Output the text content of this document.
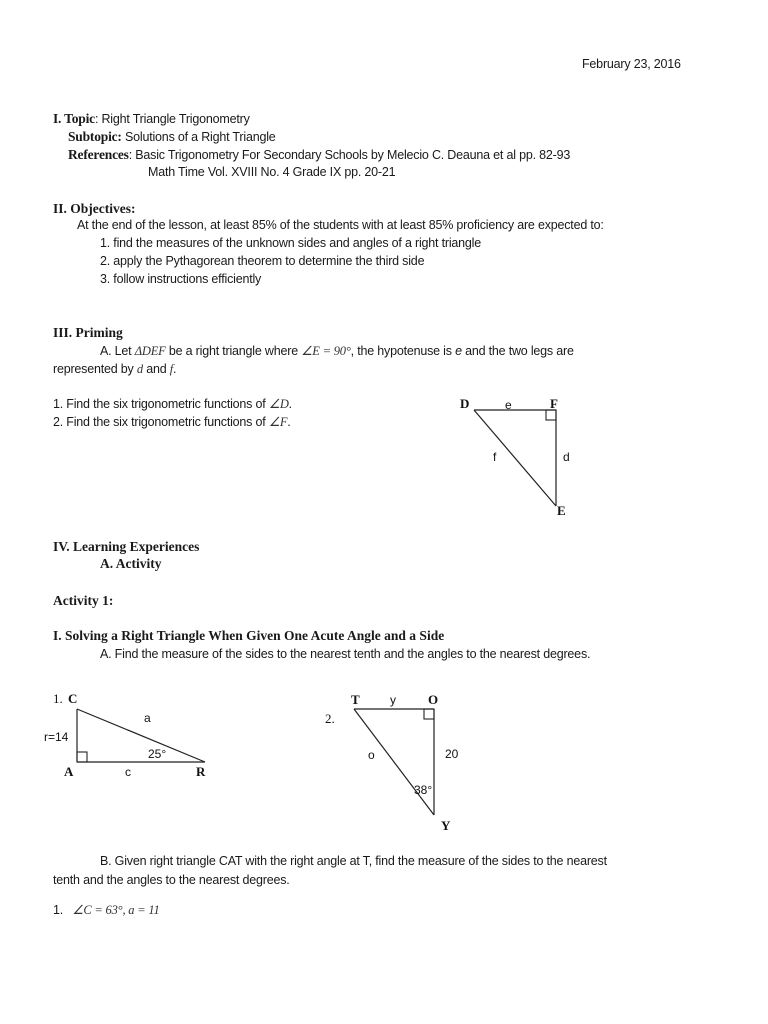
February 23, 2016
I. Topic: Right Triangle Trigonometry
Subtopic: Solutions of a Right Triangle
References: Basic Trigonometry For Secondary Schools by Melecio C. Deauna et al pp. 82-93
Math Time Vol. XVIII No. 4 Grade IX pp. 20-21
II. Objectives:
At the end of the lesson, at least 85% of the students with at least 85% proficiency are expected to:
1. find the measures of the unknown sides and angles of a right triangle
2. apply the Pythagorean theorem to determine the third side
3. follow instructions efficiently
III. Priming
A. Let ΔDEF be a right triangle where ∠E = 90°, the hypotenuse is e and the two legs are
represented by d and f.
1. Find the six trigonometric functions of ∠D.
2. Find the six trigonometric functions of ∠F.
D	F
E
e
d
f
IV. Learning Experiences
A. Activity
Activity 1:
I. Solving a Right Triangle When Given One Acute Angle and a Side
A. Find the measure of the sides to the nearest tenth and the angles to the nearest degrees.
1. C
A	R
a
c
r=14
25°
2.
T	O
Y
y
o	20
38°
B. Given right triangle CAT with the right angle at T, find the measure of the sides to the nearest
tenth and the angles to the nearest degrees.
1. ∠C = 63°, a = 11
